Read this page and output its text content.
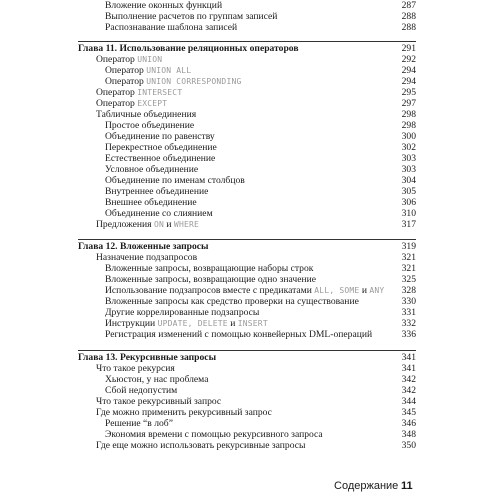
Вложение оконных функций	287
Выполнение расчетов по группам записей	288
Распознавание шаблона записей	288
Глава 11. Использование реляционных операторов	291
Оператор UNION	292
Оператор UNION ALL	294
Оператор UNION CORRESPONDING	294
Оператор INTERSECT	295
Оператор EXCEPT	297
Табличные объединения	298
Простое объединение	298
Объединение по равенству	300
Перекрестное объединение	302
Естественное объединение	303
Условное объединение	303
Объединение по именам столбцов	304
Внутреннее объединение	305
Внешнее объединение	306
Объединение со слиянием	310
Предложения ON и WHERE	317
Глава 12. Вложенные запросы	319
Назначение подзапросов	321
Вложенные запросы, возвращающие наборы строк	321
Вложенные запросы, возвращающие одно значение	325
Использование подзапросов вместе с предикатами ALL, SOME и ANY	328
Вложенные запросы как средство проверки на существование	330
Другие коррелированные подзапросы	331
Инструкции UPDATE, DELETE и INSERT	332
Регистрация изменений с помощью конвейерных DML-операций	336
Глава 13. Рекурсивные запросы	341
Что такое рекурсия	341
Хьюстон, у нас проблема	342
Сбой недопустим	342
Что такое рекурсивный запрос	344
Где можно применить рекурсивный запрос	345
Решение “в лоб”	346
Экономия времени с помощью рекурсивного запроса	348
Где еще можно использовать рекурсивные запросы	350
Содержание 11
